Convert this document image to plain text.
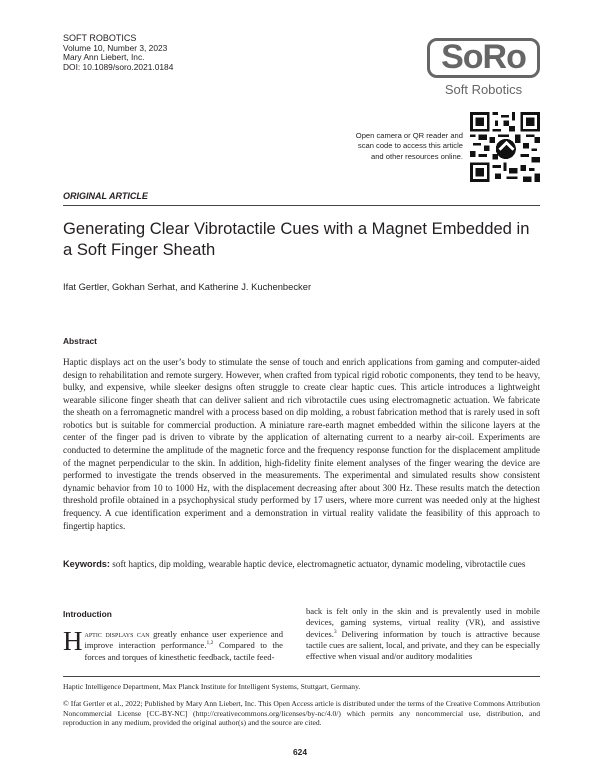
SOFT ROBOTICS
Volume 10, Number 3, 2023
Mary Ann Liebert, Inc.
DOI: 10.1089/soro.2021.0184	SoRo
Soft Robotics
Open camera or QR reader and
scan code to access this article
and other resources online.
ORIGINAL ARTICLE
Generating Clear Vibrotactile Cues with a Magnet Embedded in a Soft Finger Sheath
Ifat Gertler, Gokhan Serhat, and Katherine J. Kuchenbecker
Abstract
Haptic displays act on the user’s body to stimulate the sense of touch and enrich applications from gaming and computer-aided design to rehabilitation and remote surgery. However, when crafted from typical rigid robotic components, they tend to be heavy, bulky, and expensive, while sleeker designs often struggle to create clear haptic cues. This article introduces a lightweight wearable silicone finger sheath that can deliver salient and rich vibrotactile cues using electromagnetic actuation. We fabricate the sheath on a ferromagnetic mandrel with a process based on dip molding, a robust fabrication method that is rarely used in soft robotics but is suitable for commercial production. A miniature rare-earth magnet embedded within the silicone layers at the center of the finger pad is driven to vibrate by the application of alternating current to a nearby air-coil. Experiments are conducted to determine the amplitude of the magnetic force and the frequency response function for the displacement amplitude of the magnet perpendicular to the skin. In addition, high-fidelity finite element analyses of the finger wearing the device are performed to investigate the trends observed in the measurements. The experimental and simulated results show consistent dynamic behavior from 10 to 1000 Hz, with the displacement decreasing after about 300 Hz. These results match the detection threshold profile obtained in a psychophysical study performed by 17 users, where more current was needed only at the highest frequency. A cue identification experiment and a demonstration in virtual reality validate the feasibility of this approach to fingertip haptics.
Keywords: soft haptics, dip molding, wearable haptic device, electromagnetic actuator, dynamic modeling, vibrotactile cues
Introduction
Haptic displays can greatly enhance user experience and improve interaction performance.$^{1,2}$ Compared to the forces and torques of kinesthetic feedback, tactile feed-
back is felt only in the skin and is prevalently used in mobile devices, gaming systems, virtual reality (VR), and assistive devices.$^3$ Delivering information by touch is attractive because tactile cues are salient, local, and private, and they can be especially effective when visual and/or auditory modalities
Haptic Intelligence Department, Max Planck Institute for Intelligent Systems, Stuttgart, Germany.
© Ifat Gertler et al., 2022; Published by Mary Ann Liebert, Inc. This Open Access article is distributed under the terms of the Creative Commons Attribution Noncommercial License [CC-BY-NC] (http://creativecommons.org/licenses/by-nc/4.0/) which permits any noncommercial use, distribution, and reproduction in any medium, provided the original author(s) and the source are cited.
624
